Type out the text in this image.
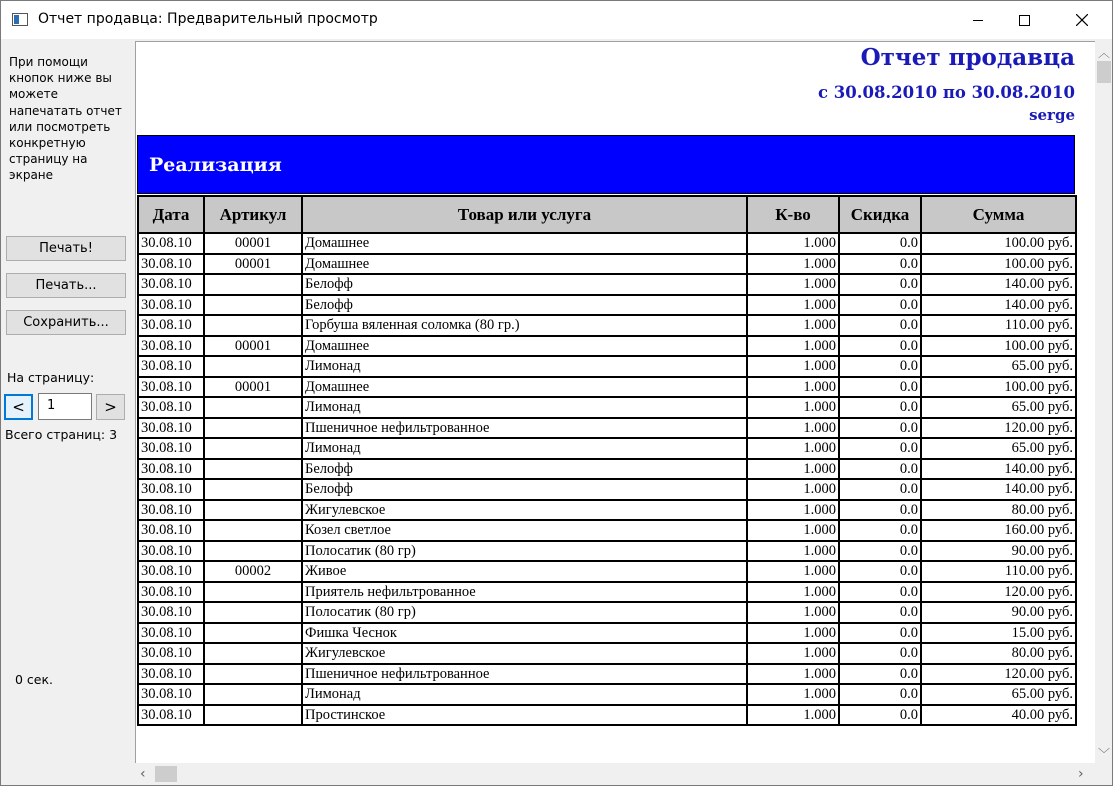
Отчет продавца: Предварительный просмотр
При помощи кнопок ниже вы можете напечатать отчет или посмотреть конкретную страницу на экране
Печать!
Печать...
Сохранить...
На страницу:
<	1	>
Всего страниц: 3
0 сек.
Отчет продавца
с 30.08.2010 по 30.08.2010
serge
Реализация
Дата	Артикул	Товар или услуга	К-во	Скидка	Сумма
30.08.10	00001	Домашнее	1.000	0.0	100.00 руб.
30.08.10	00001	Домашнее	1.000	0.0	100.00 руб.
30.08.10		Белофф	1.000	0.0	140.00 руб.
30.08.10		Белофф	1.000	0.0	140.00 руб.
30.08.10		Горбуша вяленная соломка (80 гр.)	1.000	0.0	110.00 руб.
30.08.10	00001	Домашнее	1.000	0.0	100.00 руб.
30.08.10		Лимонад	1.000	0.0	65.00 руб.
30.08.10	00001	Домашнее	1.000	0.0	100.00 руб.
30.08.10		Лимонад	1.000	0.0	65.00 руб.
30.08.10		Пшеничное нефильтрованное	1.000	0.0	120.00 руб.
30.08.10		Лимонад	1.000	0.0	65.00 руб.
30.08.10		Белофф	1.000	0.0	140.00 руб.
30.08.10		Белофф	1.000	0.0	140.00 руб.
30.08.10		Жигулевское	1.000	0.0	80.00 руб.
30.08.10		Козел светлое	1.000	0.0	160.00 руб.
30.08.10		Полосатик (80 гр)	1.000	0.0	90.00 руб.
30.08.10	00002	Живое	1.000	0.0	110.00 руб.
30.08.10		Приятель нефильтрованное	1.000	0.0	120.00 руб.
30.08.10		Полосатик (80 гр)	1.000	0.0	90.00 руб.
30.08.10		Фишка Чеснок	1.000	0.0	15.00 руб.
30.08.10		Жигулевское	1.000	0.0	80.00 руб.
30.08.10		Пшеничное нефильтрованное	1.000	0.0	120.00 руб.
30.08.10		Лимонад	1.000	0.0	65.00 руб.
30.08.10		Простинское	1.000	0.0	40.00 руб.
︿
﹀
‹	›
